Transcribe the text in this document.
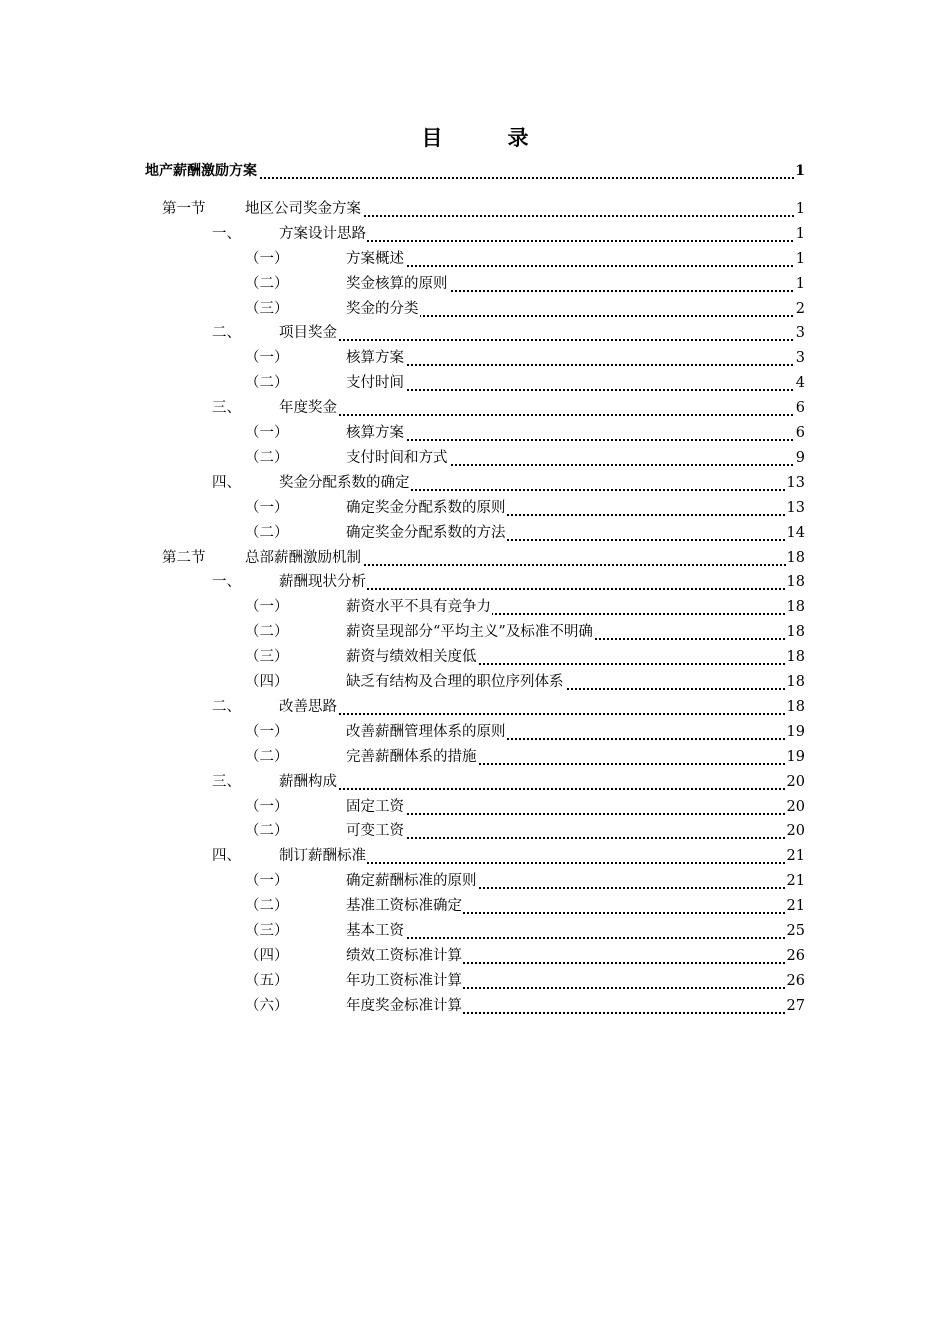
目　录
地产薪酬激励方案	1
第一节	地区公司奖金方案	1
一、	方案设计思路	1
（一）	方案概述	1
（二）	奖金核算的原则	1
（三）	奖金的分类	2
二、	项目奖金	3
（一）	核算方案	3
（二）	支付时间	4
三、	年度奖金	6
（一）	核算方案	6
（二）	支付时间和方式	9
四、	奖金分配系数的确定	13
（一）	确定奖金分配系数的原则	13
（二）	确定奖金分配系数的方法	14
第二节	总部薪酬激励机制	18
一、	薪酬现状分析	18
（一）	薪资水平不具有竞争力	18
（二）	薪资呈现部分“平均主义”及标准不明确	18
（三）	薪资与绩效相关度低	18
（四）	缺乏有结构及合理的职位序列体系	18
二、	改善思路	18
（一）	改善薪酬管理体系的原则	19
（二）	完善薪酬体系的措施	19
三、	薪酬构成	20
（一）	固定工资	20
（二）	可变工资	20
四、	制订薪酬标准	21
（一）	确定薪酬标准的原则	21
（二）	基准工资标准确定	21
（三）	基本工资	25
（四）	绩效工资标准计算	26
（五）	年功工资标准计算	26
（六）	年度奖金标准计算	27
